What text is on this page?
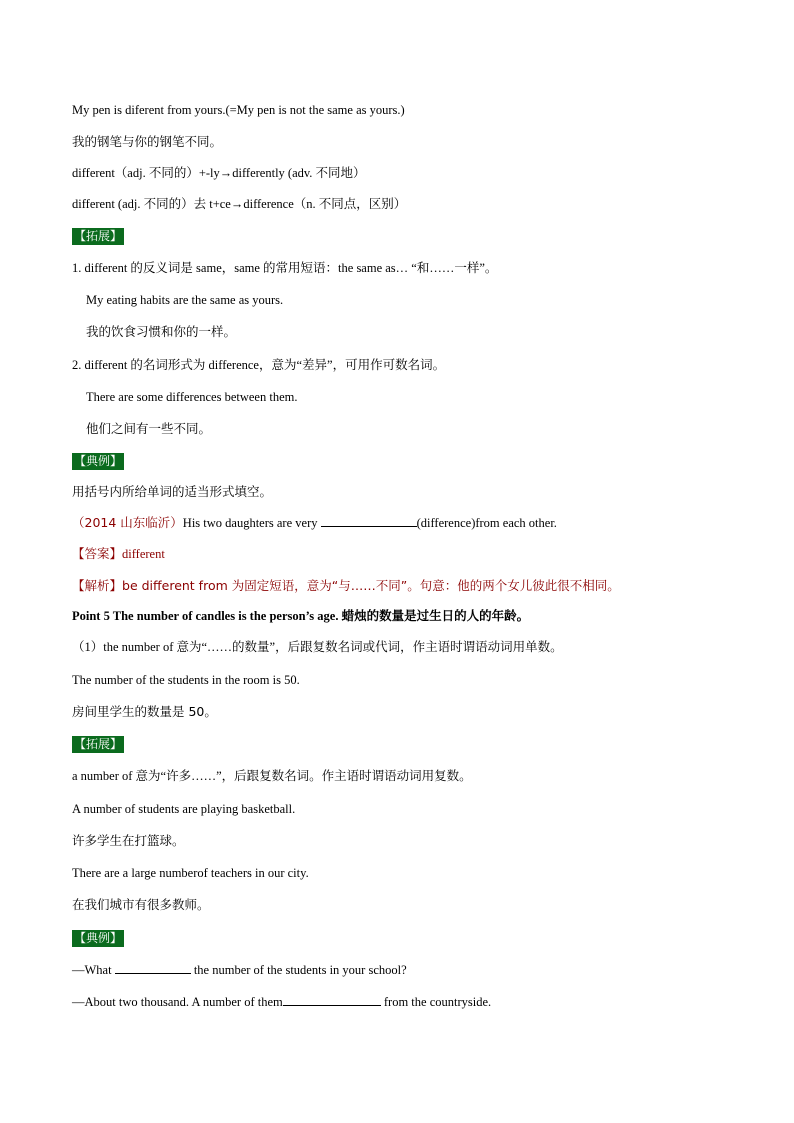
My pen is diferent from yours.(=My pen is not the same as yours.)
我的钢笔与你的钢笔不同。
different（adj. 不同的）+-ly→differently (adv. 不同地）
different (adj. 不同的）去 t+ce→difference（n. 不同点，区别）
【拓展】
1. different 的反义词是 same，same 的常用短语：the same as… “和……一样”。
My eating habits are the same as yours.
我的饮食习惯和你的一样。
2. different 的名词形式为 difference，意为“差异”，可用作可数名词。
There are some differences between them.
他们之间有一些不同。
【典例】
用括号内所给单词的适当形式填空。
（2014 山东临沂）His two daughters are very	(difference)from each other.
【答案】different
【解析】be different from 为固定短语，意为“与……不同”。句意：他的两个女儿彼此很不相同。
Point 5 The number of candles is the person’s age. 蜡烛的数量是过生日的人的年龄。
（1）the number of 意为“……的数量”，后跟复数名词或代词，作主语时谓语动词用单数。
The number of the students in the room is 50.
房间里学生的数量是 50。
【拓展】
a number of 意为“许多……”，后跟复数名词。作主语时谓语动词用复数。
A number of students are playing basketball.
许多学生在打篮球。
There are a large numberof teachers in our city.
在我们城市有很多教师。
【典例】
—What	the number of the students in your school?
—About two thousand. A number of them	from the countryside.
